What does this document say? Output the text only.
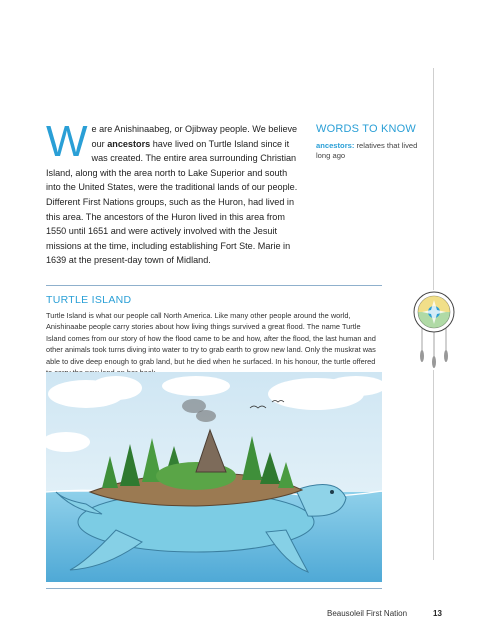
W e are Anishinaabeg, or Ojibway people. We believe our ancestors have lived on Turtle Island since it was created. The entire area surrounding Christian Island, along with the area north to Lake Superior and south into the United States, were the traditional lands of our people. Different First Nations groups, such as the Huron, had lived in this area. The ancestors of the Huron lived in this area from 1550 until 1651 and were actively involved with the Jesuit missions at the time, including establishing Fort Ste. Marie in 1639 at the present-day town of Midland.
WORDS TO KNOW
ancestors: relatives that lived long ago
TURTLE ISLAND
Turtle Island is what our people call North America. Like many other people around the world, Anishinaabe people carry stories about how living things survived a great flood. The name Turtle Island comes from our story of how the flood came to be and how, after the flood, the last human and other animals took turns diving into water to try to grab earth to grow new land. Only the muskrat was able to dive deep enough to grab land, but he died when he surfaced. In his honour, the turtle offered
Beausoleil First Nation	13
